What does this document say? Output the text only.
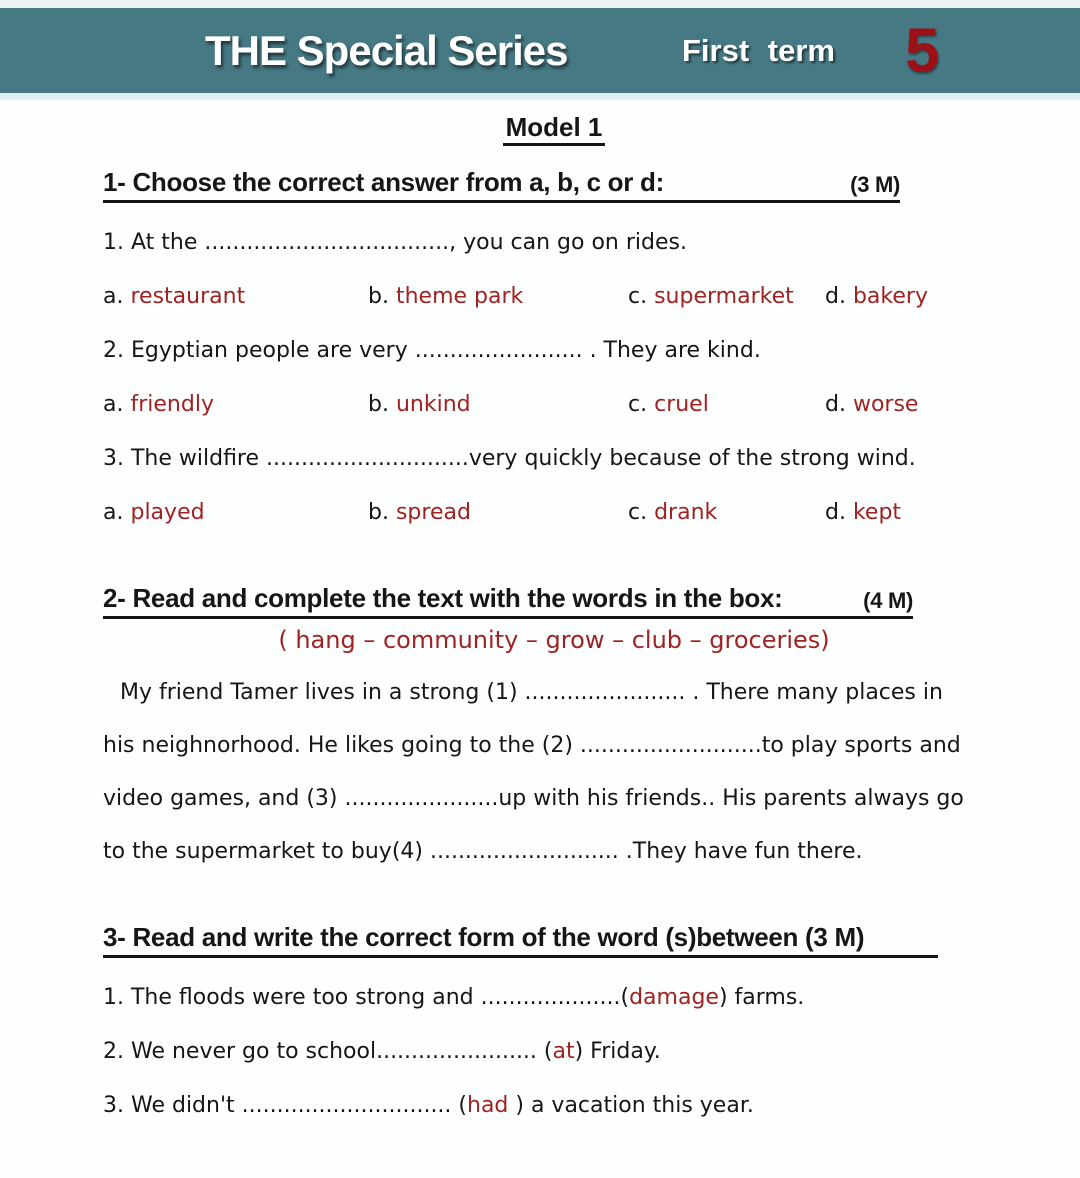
THE Special Series	First term 5
Model 1
1- Choose the correct answer from a, b, c or d:	(3 M)
1. At the ..................................., you can go on rides.
a. restaurant	b. theme park	c. supermarket	d. bakery
2. Egyptian people are very ........................ . They are kind.
a. friendly	b. unkind	c. cruel	d. worse
3. The wildfire .............................very quickly because of the strong wind.
a. played	b. spread	c. drank	d. kept
2- Read and complete the text with the words in the box:	(4 M)
( hang – community – grow – club – groceries)
My friend Tamer lives in a strong (1) ....................... . There many places in
his neighnorhood. He likes going to the (2) ..........................to play sports and
video games, and (3) ......................up with his friends.. His parents always go
to the supermarket to buy(4) ........................... .They have fun there.
3- Read and write the correct form of the word (s)between (3 M)
1. The floods were too strong and ....................(damage) farms.
2. We never go to school....................... (at) Friday.
3. We didn't .............................. (had ) a vacation this year.
